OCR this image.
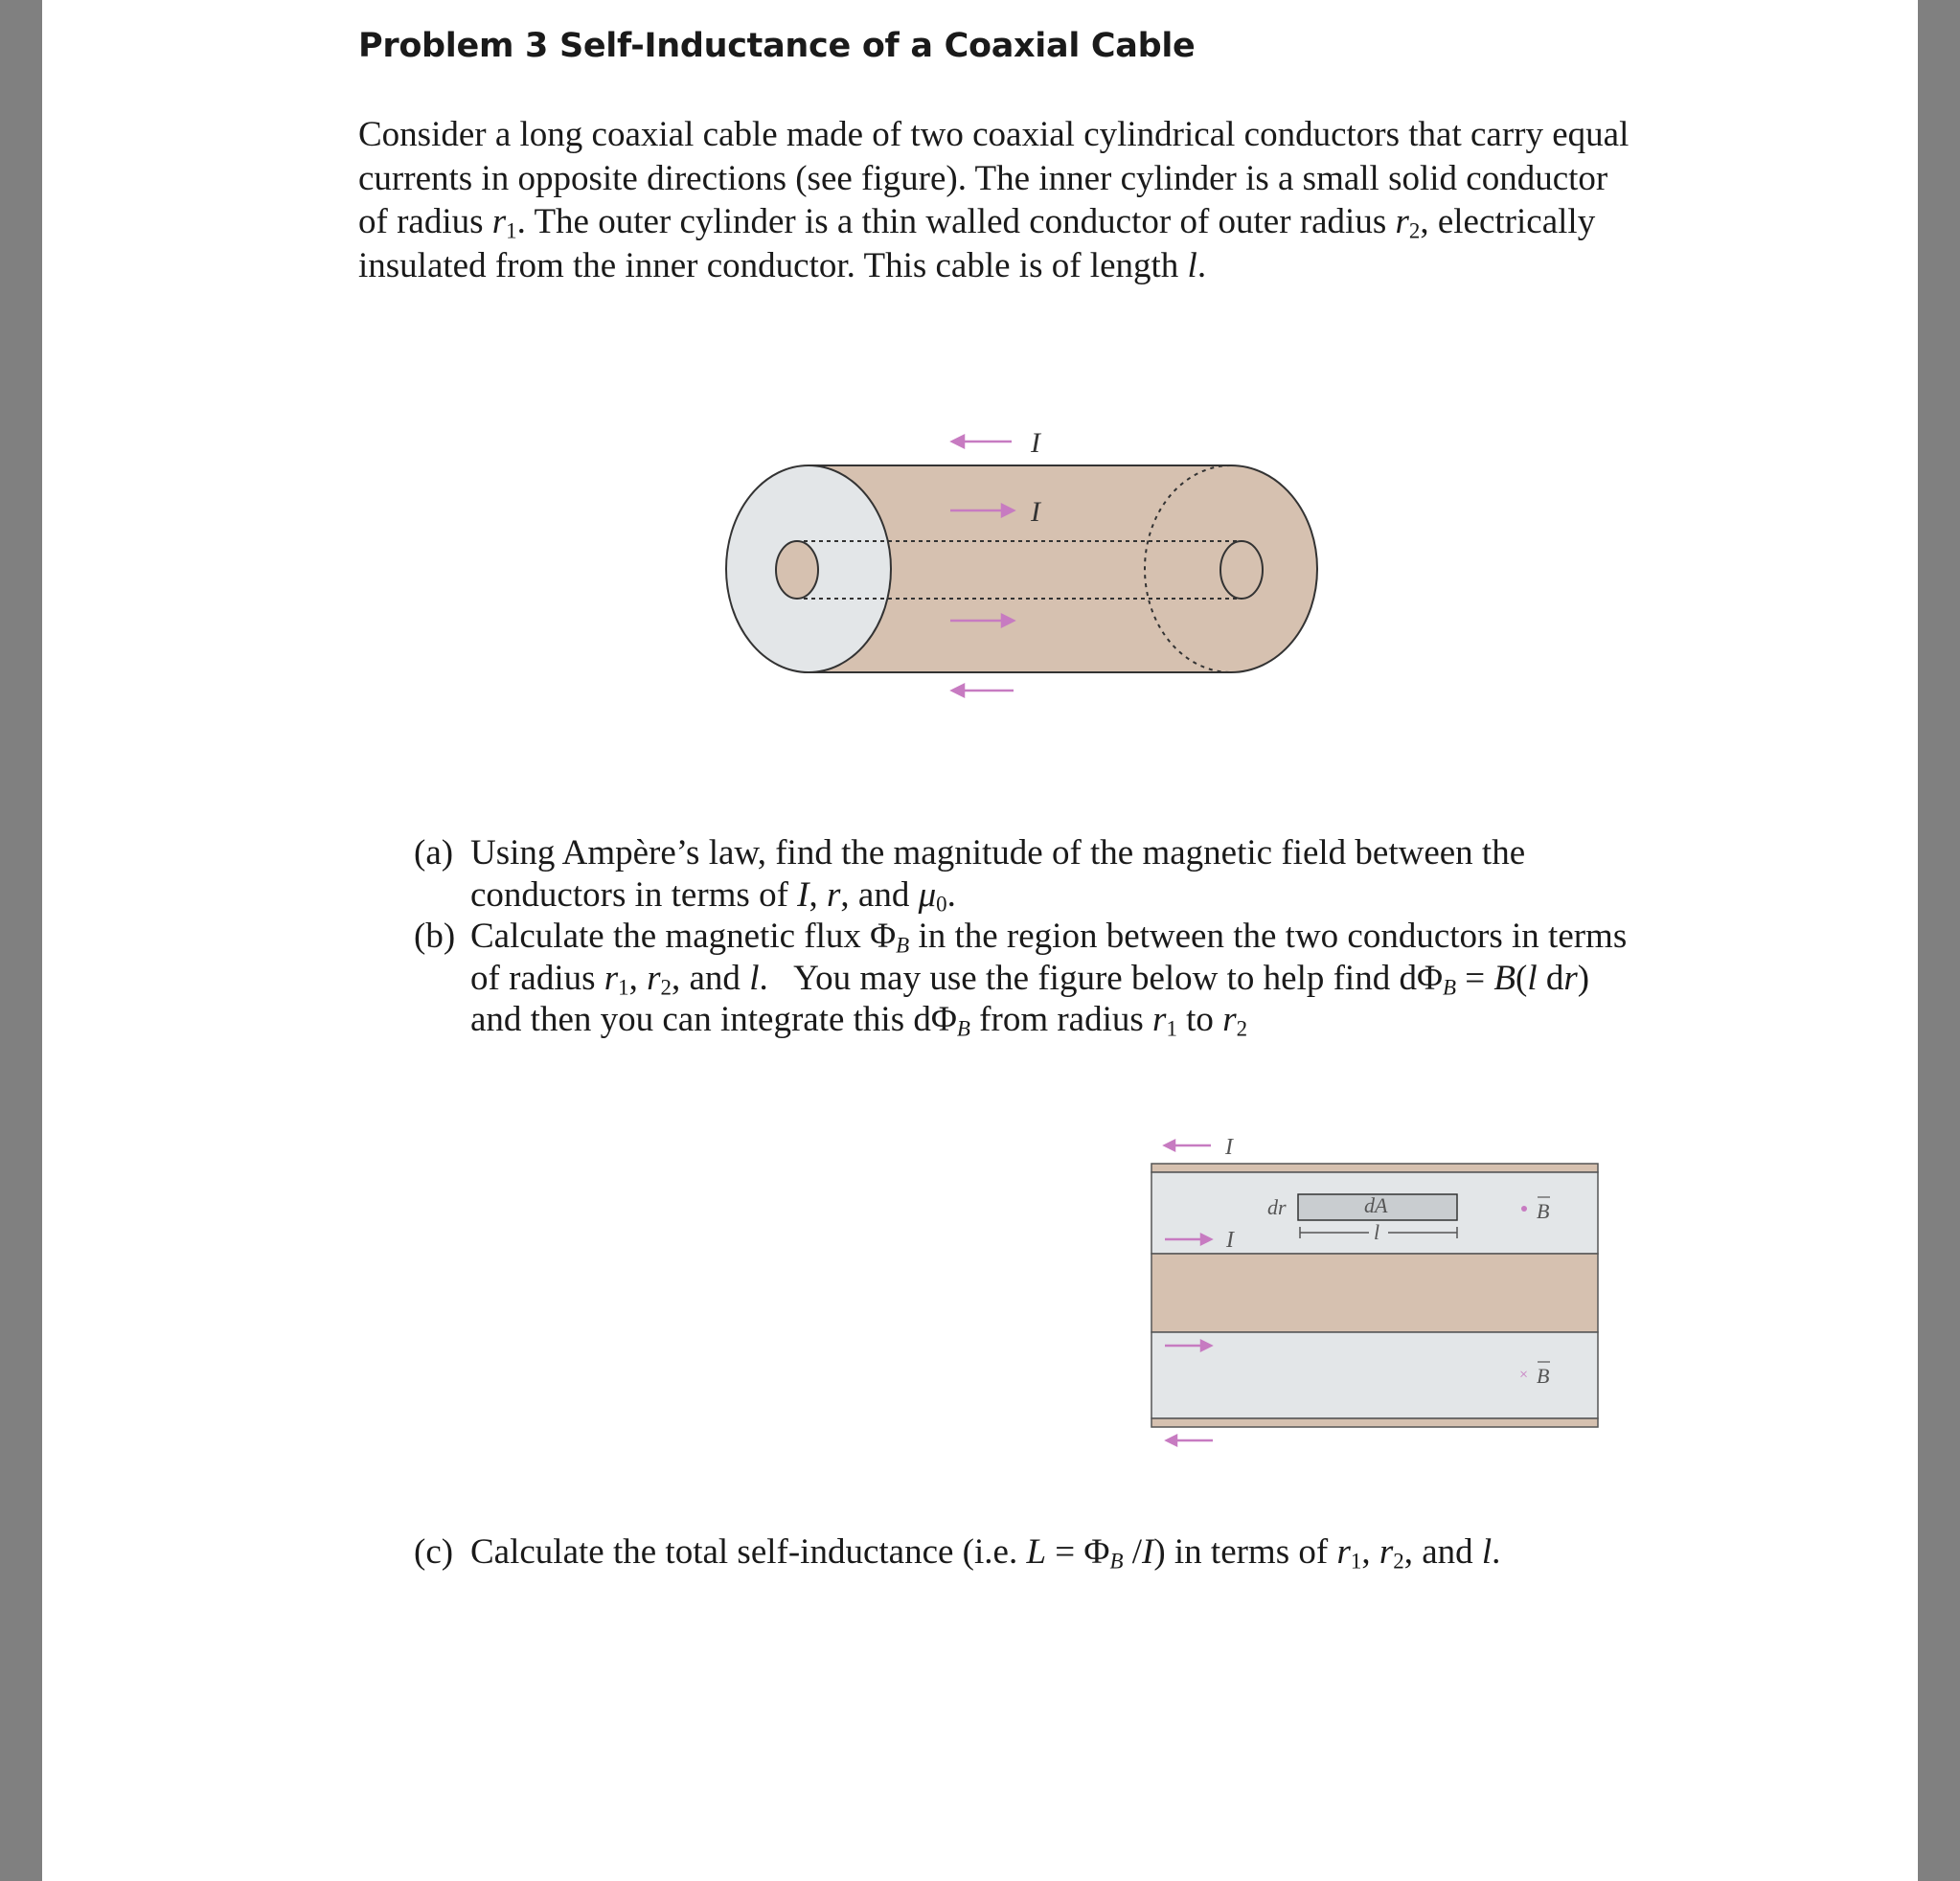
Problem 3 Self-Inductance of a Coaxial Cable
Consider a long coaxial cable made of two coaxial cylindrical conductors that carry equal
currents in opposite directions (see figure). The inner cylinder is a small solid conductor
of radius $r_1$. The outer cylinder is a thin walled conductor of outer radius $r_2$, electrically
insulated from the inner conductor. This cable is of length l.
I
I
(a) Using Ampère’s law, find the magnitude of the magnetic field between the
conductors in terms of I, r, and $\mu_0$.
(b) Calculate the magnetic flux $\Phi_B$ in the region between the two conductors in terms
of radius $r_1$, $r_2$, and l.   You may use the figure below to help find $d\Phi_B = B(l$ dr)
and then you can integrate this $d\Phi_B$ from radius $r_1$ to $r_2$
I
dr	dA
l
B
I
× B
(c) Calculate the total self-inductance (i.e. $L = \Phi_B$ /I) in terms of $r_1$, $r_2$, and l.
